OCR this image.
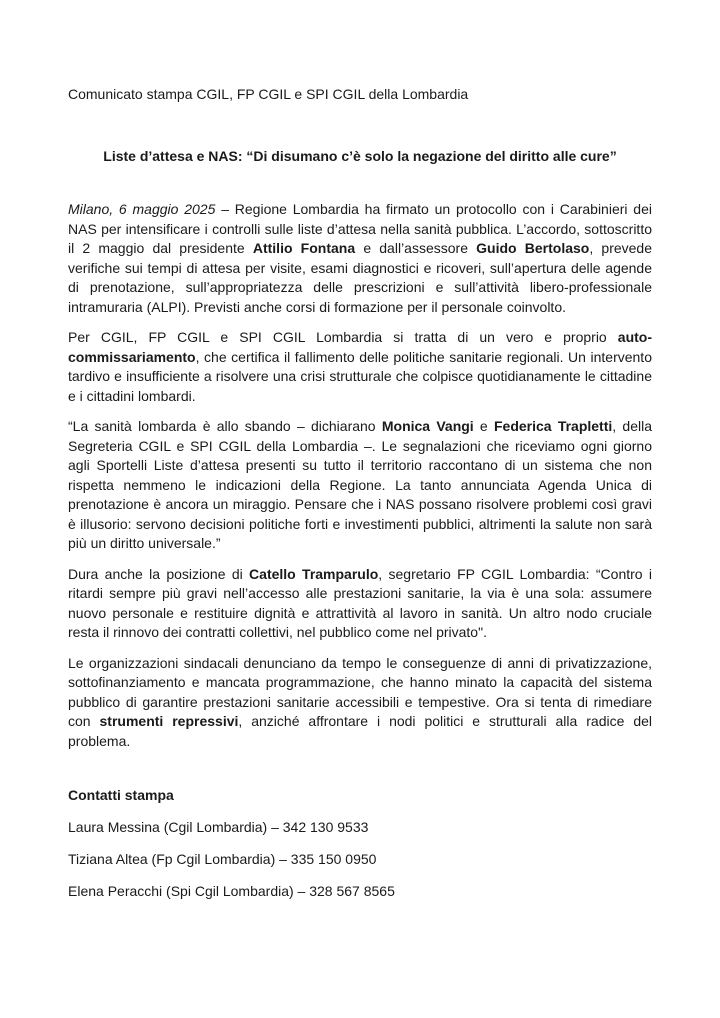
Comunicato stampa CGIL, FP CGIL e SPI CGIL della Lombardia

Liste d’attesa e NAS: “Di disumano c’è solo la negazione del diritto alle cure”

Milano, 6 maggio 2025 – Regione Lombardia ha firmato un protocollo con i Carabinieri dei NAS per intensificare i controlli sulle liste d’attesa nella sanità pubblica. L’accordo, sottoscritto il 2 maggio dal presidente Attilio Fontana e dall’assessore Guido Bertolaso, prevede verifiche sui tempi di attesa per visite, esami diagnostici e ricoveri, sull’apertura delle agende di prenotazione, sull’appropriatezza delle prescrizioni e sull’attività libero-professionale intramuraria (ALPI). Previsti anche corsi di formazione per il personale coinvolto.

Per CGIL, FP CGIL e SPI CGIL Lombardia si tratta di un vero e proprio auto-commissariamento, che certifica il fallimento delle politiche sanitarie regionali. Un intervento tardivo e insufficiente a risolvere una crisi strutturale che colpisce quotidianamente le cittadine e i cittadini lombardi.

“La sanità lombarda è allo sbando – dichiarano Monica Vangi e Federica Trapletti, della Segreteria CGIL e SPI CGIL della Lombardia –. Le segnalazioni che riceviamo ogni giorno agli Sportelli Liste d’attesa presenti su tutto il territorio raccontano di un sistema che non rispetta nemmeno le indicazioni della Regione. La tanto annunciata Agenda Unica di prenotazione è ancora un miraggio. Pensare che i NAS possano risolvere problemi così gravi è illusorio: servono decisioni politiche forti e investimenti pubblici, altrimenti la salute non sarà più un diritto universale.”

Dura anche la posizione di Catello Tramparulo, segretario FP CGIL Lombardia: “Contro i ritardi sempre più gravi nell’accesso alle prestazioni sanitarie, la via è una sola: assumere nuovo personale e restituire dignità e attrattività al lavoro in sanità. Un altro nodo cruciale resta il rinnovo dei contratti collettivi, nel pubblico come nel privato".

Le organizzazioni sindacali denunciano da tempo le conseguenze di anni di privatizzazione, sottofinanziamento e mancata programmazione, che hanno minato la capacità del sistema pubblico di garantire prestazioni sanitarie accessibili e tempestive. Ora si tenta di rimediare con strumenti repressivi, anziché affrontare i nodi politici e strutturali alla radice del problema.

Contatti stampa

Laura Messina (Cgil Lombardia) – 342 130 9533

Tiziana Altea (Fp Cgil Lombardia) – 335 150 0950

Elena Peracchi (Spi Cgil Lombardia) – 328 567 8565
